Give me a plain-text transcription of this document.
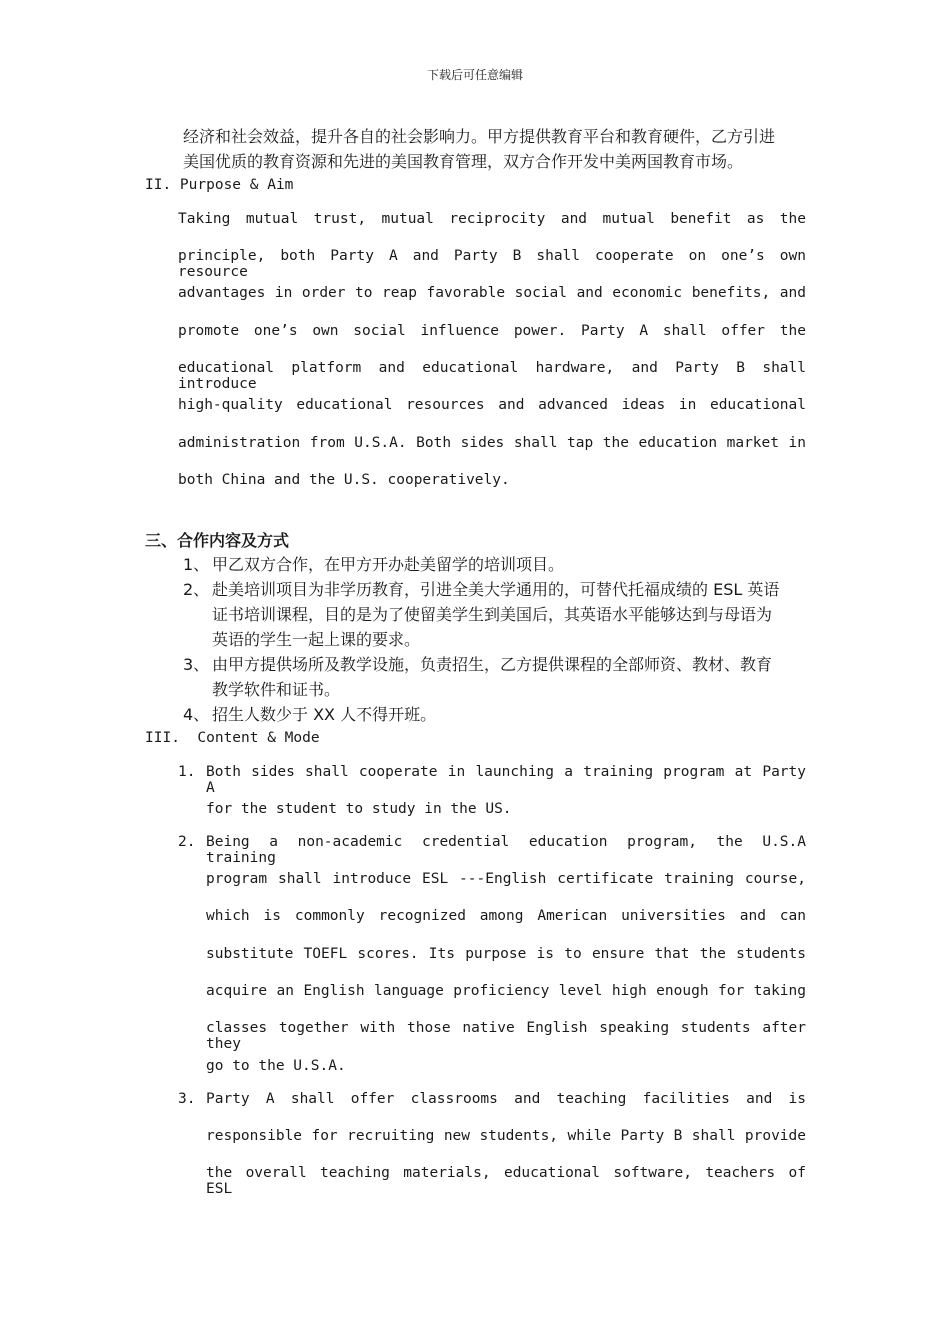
下载后可任意编辑
经济和社会效益，提升各自的社会影响力。甲方提供教育平台和教育硬件，乙方引进
美国优质的教育资源和先进的美国教育管理，双方合作开发中美两国教育市场。
II. Purpose & Aim
Taking mutual trust, mutual reciprocity and mutual benefit as the
principle, both Party A and Party B shall cooperate on one’s own resource
advantages in order to reap favorable social and economic benefits, and
promote one’s own social influence power. Party A shall offer the
educational platform and educational hardware, and Party B shall introduce
high-quality educational resources and advanced ideas in educational
administration from U.S.A. Both sides shall tap the education market in
both China and the U.S. cooperatively.
三、合作内容及方式
1、 甲乙双方合作，在甲方开办赴美留学的培训项目。
2、 赴美培训项目为非学历教育，引进全美大学通用的，可替代托福成绩的 ESL 英语
证书培训课程，目的是为了使留美学生到美国后，其英语水平能够达到与母语为
英语的学生一起上课的要求。
3、 由甲方提供场所及教学设施，负责招生，乙方提供课程的全部师资、教材、教育
教学软件和证书。
4、 招生人数少于 XX 人不得开班。
III.  Content & Mode
1. Both sides shall cooperate in launching a training program at Party A
for the student to study in the US.
2. Being a non-academic credential education program, the U.S.A training
program shall introduce ESL ---English certificate training course,
which is commonly recognized among American universities and can
substitute TOEFL scores. Its purpose is to ensure that the students
acquire an English language proficiency level high enough for taking
classes together with those native English speaking students after they
go to the U.S.A.
3. Party A shall offer classrooms and teaching facilities and is
responsible for recruiting new students, while Party B shall provide
the overall teaching materials, educational software, teachers of ESL
